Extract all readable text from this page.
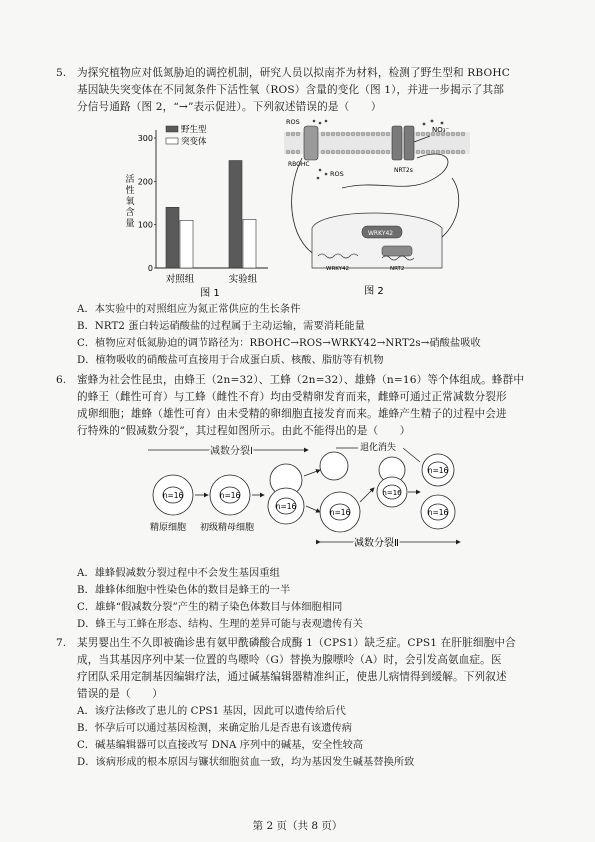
5. 为探究植物应对低氮胁迫的调控机制，研究人员以拟南芥为材料，检测了野生型和 RBOHC
基因缺失突变体在不同氮条件下活性氧（ROS）含量的变化（图 1），并进一步揭示了其部
分信号通路（图 2，“→”表示促进）。下列叙述错误的是（　　）
300
200
100
0
活
性
氧
含
量
对照组	实验组
野生型
突变体
图 1
ROS
NO₃⁻
ROS	NRT2s
RBOHC
WRKY42
WRKY42	NRT2
图 2
A．本实验中的对照组应为氮正常供应的生长条件
B．NRT2 蛋白转运硝酸盐的过程属于主动运输，需要消耗能量
C．植物应对低氮胁迫的调节路径为：RBOHC→ROS→WRKY42→NRT2s→硝酸盐吸收
D．植物吸收的硝酸盐可直接用于合成蛋白质、核酸、脂肪等有机物
6. 蜜蜂为社会性昆虫，由蜂王（2n=32）、工蜂（2n=32）、雄蜂（n=16）等个体组成。蜂群中
的蜂王（雌性可育）与工蜂（雌性不育）均由受精卵发育而来，雌蜂可通过正常减数分裂形
成卵细胞；雄蜂（雄性可育）由未受精的卵细胞直接发育而来。雄蜂产生精子的过程中会进
行特殊的“假减数分裂”，其过程如图所示。由此不能得出的是（　　）
减数分裂Ⅰ	退化消失
n=16	n=16
n=16
n=16
n=16
n=16
n=16
减数分裂Ⅱ
精原细胞 初级精母细胞
A．雄蜂假减数分裂过程中不会发生基因重组
B．雄蜂体细胞中性染色体的数目是蜂王的一半
C．雄蜂“假减数分裂”产生的精子染色体数目与体细胞相同
D．蜂王与工蜂在形态、结构、生理的差异可能与表观遗传有关
7. 某男婴出生不久即被确诊患有氨甲酰磷酸合成酶 1（CPS1）缺乏症。CPS1 在肝脏细胞中合
成，当其基因序列中某一位置的鸟嘌呤（G）替换为腺嘌呤（A）时，会引发高氨血症。医
疗团队采用定制基因编辑疗法，通过碱基编辑器精准纠正，使患儿病情得到缓解。下列叙述
错误的是（　　）
A．该疗法修改了患儿的 CPS1 基因，因此可以遗传给后代
B．怀孕后可以通过基因检测，来确定胎儿是否患有该遗传病
C．碱基编辑器可以直接改写 DNA 序列中的碱基，安全性较高
D．该病形成的根本原因与镰状细胞贫血一致，均为基因发生碱基替换所致
第 2 页（共 8 页）
